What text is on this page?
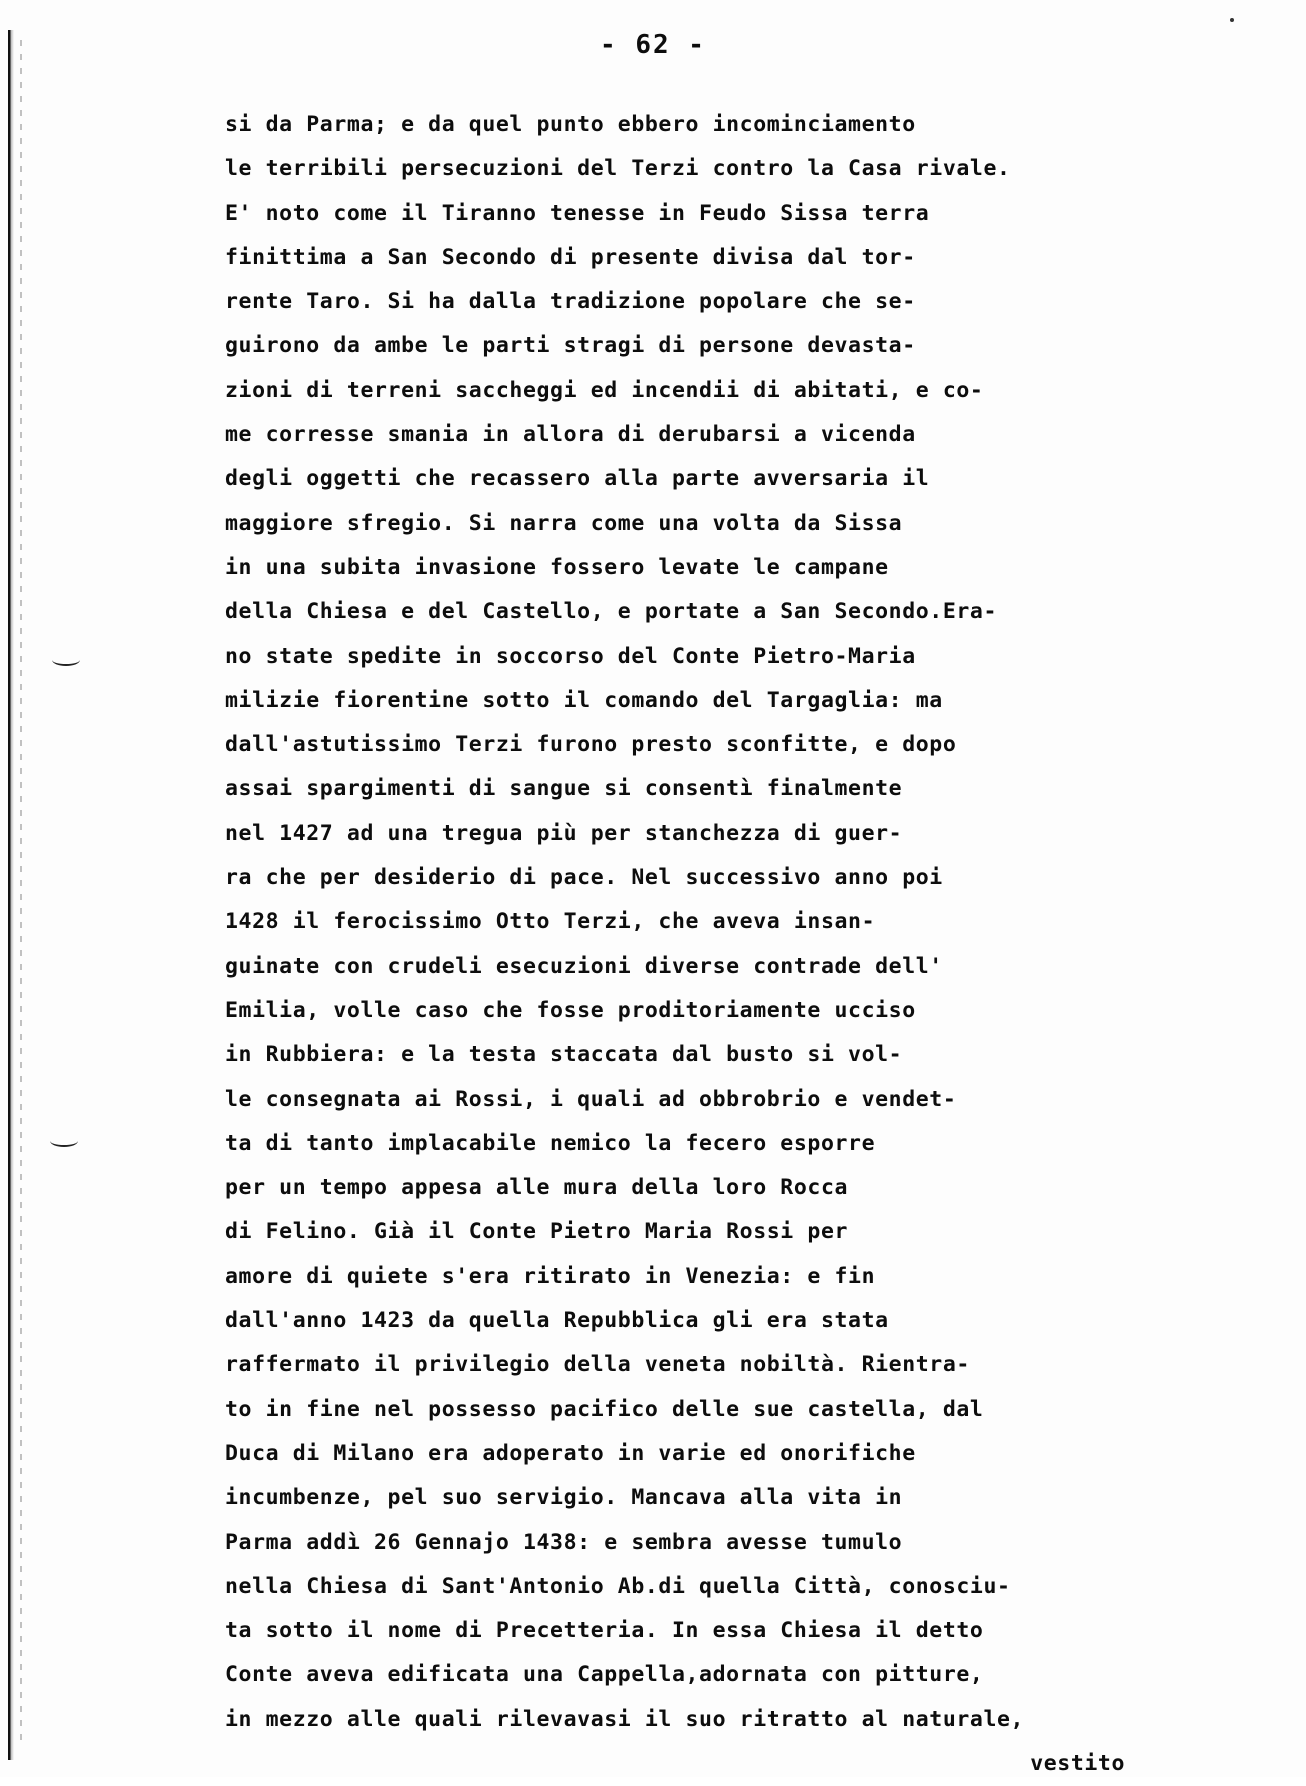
- 62 -
si da Parma; e da quel punto ebbero incominciamento
le terribili persecuzioni del Terzi contro la Casa rivale.
E' noto come il Tiranno tenesse in Feudo Sissa terra
finittima a San Secondo di presente divisa dal tor-
rente Taro. Si ha dalla tradizione popolare che se-
guirono da ambe le parti stragi di persone devasta-
zioni di terreni saccheggi ed incendii di abitati, e co-
me corresse smania in allora di derubarsi a vicenda
degli oggetti che recassero alla parte avversaria il
maggiore sfregio. Si narra come una volta da Sissa
in una subita invasione fossero levate le campane
della Chiesa e del Castello, e portate a San Secondo.Era-
no state spedite in soccorso del Conte Pietro-Maria
milizie fiorentine sotto il comando del Targaglia: ma
dall'astutissimo Terzi furono presto sconfitte, e dopo
assai spargimenti di sangue si consentì finalmente
nel 1427 ad una tregua più per stanchezza di guer-
ra che per desiderio di pace. Nel successivo anno poi
1428 il ferocissimo Otto Terzi, che aveva insan-
guinate con crudeli esecuzioni diverse contrade dell'
Emilia, volle caso che fosse proditoriamente ucciso
in Rubbiera: e la testa staccata dal busto si vol-
le consegnata ai Rossi, i quali ad obbrobrio e vendet-
ta di tanto implacabile nemico la fecero esporre
per un tempo appesa alle mura della loro Rocca
di Felino. Già il Conte Pietro Maria Rossi per
amore di quiete s'era ritirato in Venezia: e fin
dall'anno 1423 da quella Repubblica gli era stata
raffermato il privilegio della veneta nobiltà. Rientra-
to in fine nel possesso pacifico delle sue castella, dal
Duca di Milano era adoperato in varie ed onorifiche
incumbenze, pel suo servigio. Mancava alla vita in
Parma addì 26 Gennajo 1438: e sembra avesse tumulo
nella Chiesa di Sant'Antonio Ab.di quella Città, conosciu-
ta sotto il nome di Precetteria. In essa Chiesa il detto
Conte aveva edificata una Cappella,adornata con pitture,
in mezzo alle quali rilevavasi il suo ritratto al naturale,
vestito
